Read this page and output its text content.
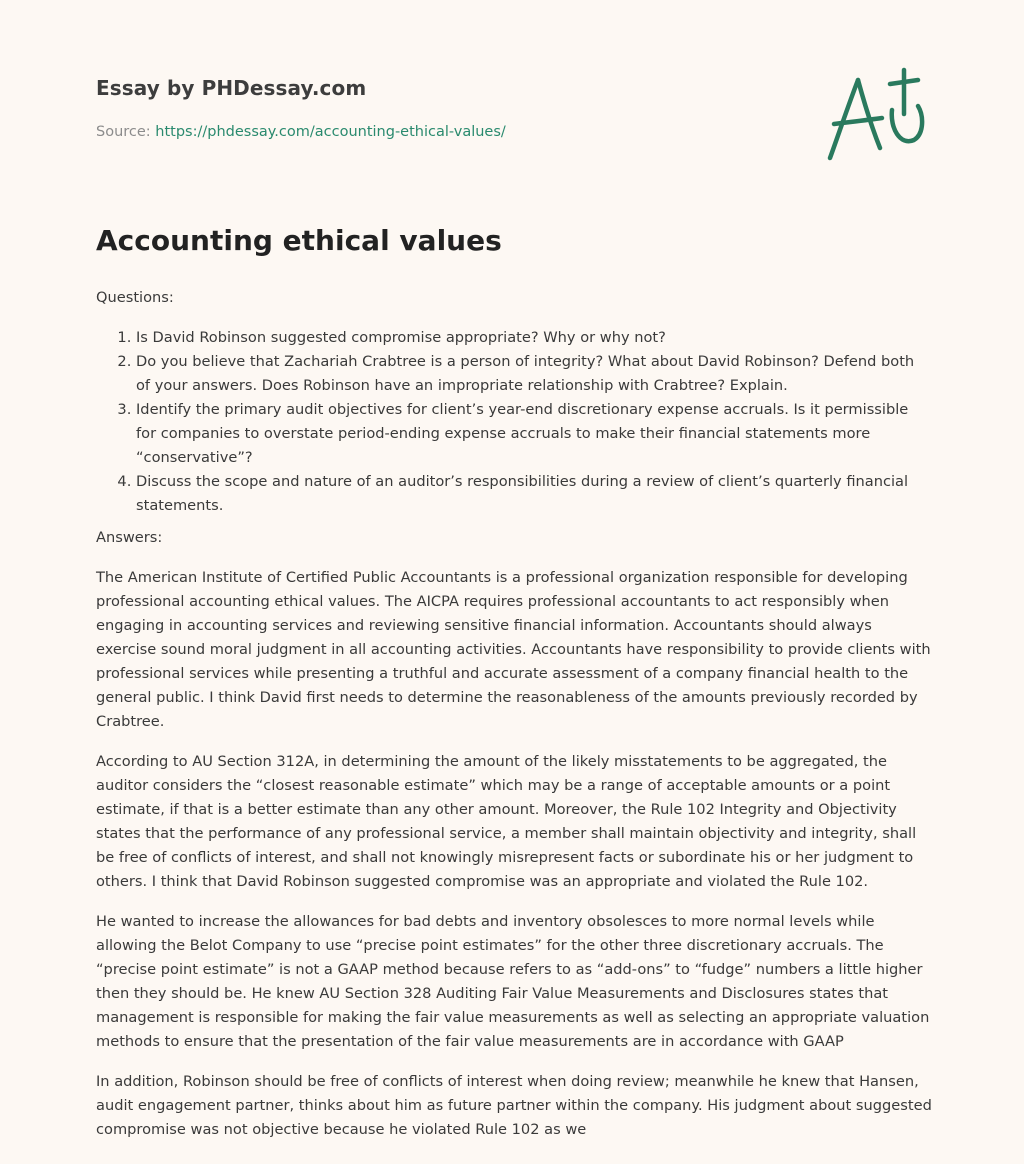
Essay by PHDessay.com

Source: https://phdessay.com/accounting-ethical-values/

Accounting ethical values

Questions:

1. Is David Robinson suggested compromise appropriate? Why or why not?
2. Do you believe that Zachariah Crabtree is a person of integrity? What about David Robinson? Defend both of your answers. Does Robinson have an impropriate relationship with Crabtree? Explain.
3. Identify the primary audit objectives for client’s year-end discretionary expense accruals. Is it permissible for companies to overstate period-ending expense accruals to make their financial statements more “conservative”?
4. Discuss the scope and nature of an auditor’s responsibilities during a review of client’s quarterly financial statements.

Answers:

The American Institute of Certified Public Accountants is a professional organization responsible for developing professional accounting ethical values. The AICPA requires professional accountants to act responsibly when engaging in accounting services and reviewing sensitive financial information. Accountants should always exercise sound moral judgment in all accounting activities. Accountants have responsibility to provide clients with professional services while presenting a truthful and accurate assessment of a company financial health to the general public. I think David first needs to determine the reasonableness of the amounts previously recorded by Crabtree.

According to AU Section 312A, in determining the amount of the likely misstatements to be aggregated, the auditor considers the “closest reasonable estimate” which may be a range of acceptable amounts or a point estimate, if that is a better estimate than any other amount. Moreover, the Rule 102 Integrity and Objectivity states that the performance of any professional service, a member shall maintain objectivity and integrity, shall be free of conflicts of interest, and shall not knowingly misrepresent facts or subordinate his or her judgment to others. I think that David Robinson suggested compromise was an appropriate and violated the Rule 102.

He wanted to increase the allowances for bad debts and inventory obsolesces to more normal levels while allowing the Belot Company to use “precise point estimates” for the other three discretionary accruals. The “precise point estimate” is not a GAAP method because refers to as “add-ons” to “fudge” numbers a little higher then they should be. He knew AU Section 328 Auditing Fair Value Measurements and Disclosures states that management is responsible for making the fair value measurements as well as selecting an appropriate valuation methods to ensure that the presentation of the fair value measurements are in accordance with GAAP

In addition, Robinson should be free of conflicts of interest when doing review; meanwhile he knew that Hansen, audit engagement partner, thinks about him as future partner within the company. His judgment about suggested compromise was not objective because he violated Rule 102 as we
